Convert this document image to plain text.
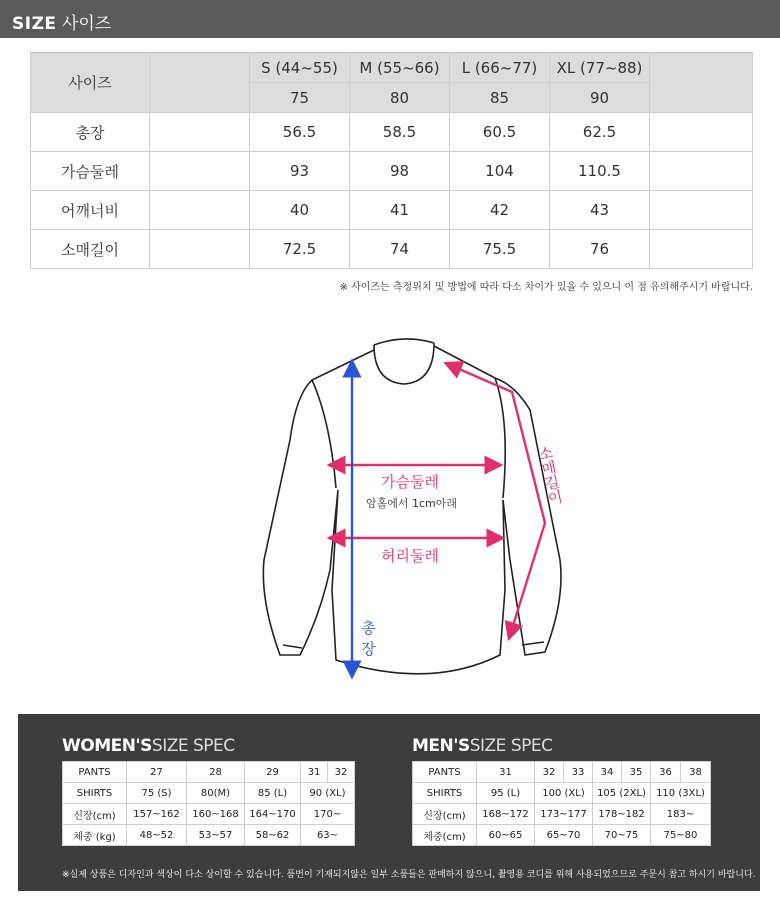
SIZE 사이즈
사이즈		S (44~55)	M (55~66)	L (66~77)	XL (77~88)	
		75	80	85	90	
총장		56.5	58.5	60.5	62.5	
가슴둘레		93	98	104	110.5	
어깨너비		40	41	42	43	
소매길이		72.5	74	75.5	76	
※ 사이즈는 측정위치 및 방법에 따라 다소 차이가 있을 수 있으니 이 점 유의해주시기 바랍니다.
가슴둘레
암홀에서 1cm아래
허리둘레
소매길이
총장
WOMEN'SSIZE SPEC	MEN'SSIZE SPEC
PANTS	27	28	29	31	32
SHIRTS	75 (S)	80(M)	85 (L)	90 (XL)	
신장(cm)	157~162	160~168	164~170	170~	
체중 (kg)	48~52	53~57	58~62	63~	
PANTS	31	32	33	34	35	36	38
SHIRTS	95 (L)	100 (XL)		105 (2XL)		110 (3XL)	
신장(cm)	168~172	173~177		178~182		183~	
체중(cm)	60~65	65~70		70~75		75~80	
※실제 상품은 디자인과 색상이 다소 상이할 수 있습니다. 품번이 기재되지않은 일부 소품들은 판매하지 않으니, 촬영용 코디를 위해 사용되었으므로 주문시 참고 하시기 바랍니다.
